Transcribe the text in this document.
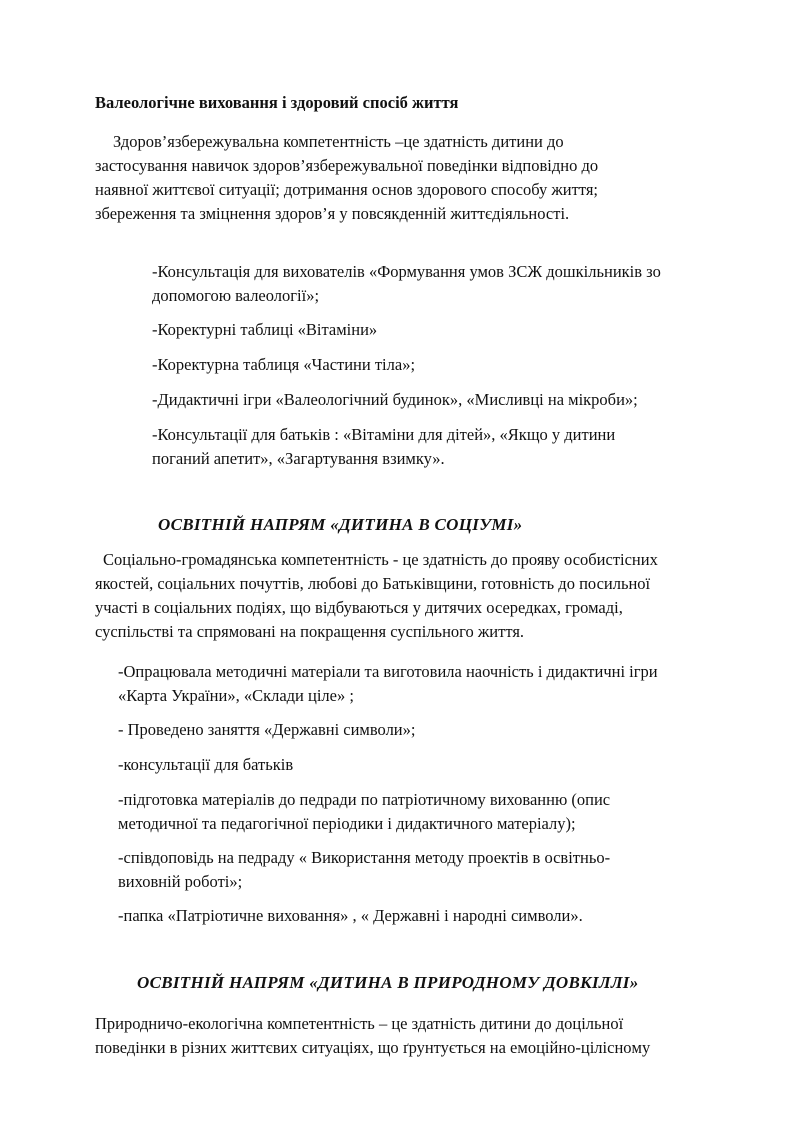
Валеологічне виховання і здоровий спосіб життя
Здоров’язбережувальна компетентність –це здатність дитини до
застосування навичок здоров’язбережувальної поведінки відповідно до
наявної життєвої ситуації; дотримання основ здорового способу життя;
збереження та зміцнення здоров’я у повсякденній життєдіяльності.
-Консультація для вихователів «Формування умов ЗСЖ дошкільників зо
допомогою валеології»;
-Коректурні таблиці «Вітаміни»
-Коректурна таблиця «Частини тіла»;
-Дидактичні ігри «Валеологічний будинок», «Мисливці на мікроби»;
-Консультації для батьків : «Вітаміни для дітей», «Якщо у дитини
поганий апетит», «Загартування взимку».
ОСВІТНІЙ НАПРЯМ «ДИТИНА В СОЦІУМІ»
Соціально-громадянська компетентність - це здатність до прояву особистісних
якостей, соціальних почуттів, любові до Батьківщини, готовність до посильної
участі в соціальних подіях, що відбуваються у дитячих осередках, громаді,
суспільстві та спрямовані на покращення суспільного життя.
-Опрацювала методичні матеріали та виготовила наочність і дидактичні ігри
«Карта України», «Склади ціле» ;
- Проведено заняття «Державні символи»;
-консультації для батьків
-підготовка матеріалів до педради по патріотичному вихованню (опис
методичної та педагогічної періодики і дидактичного матеріалу);
-співдоповідь на педраду « Використання методу проектів в освітньо-
виховній роботі»;
-папка «Патріотичне виховання» , « Державні і народні символи».
ОСВІТНІЙ НАПРЯМ «ДИТИНА В ПРИРОДНОМУ ДОВКІЛЛІ»
Природничо-екологічна компетентність – це здатність дитини до доцільної
поведінки в різних життєвих ситуаціях, що ґрунтується на емоційно-ціліснoму
